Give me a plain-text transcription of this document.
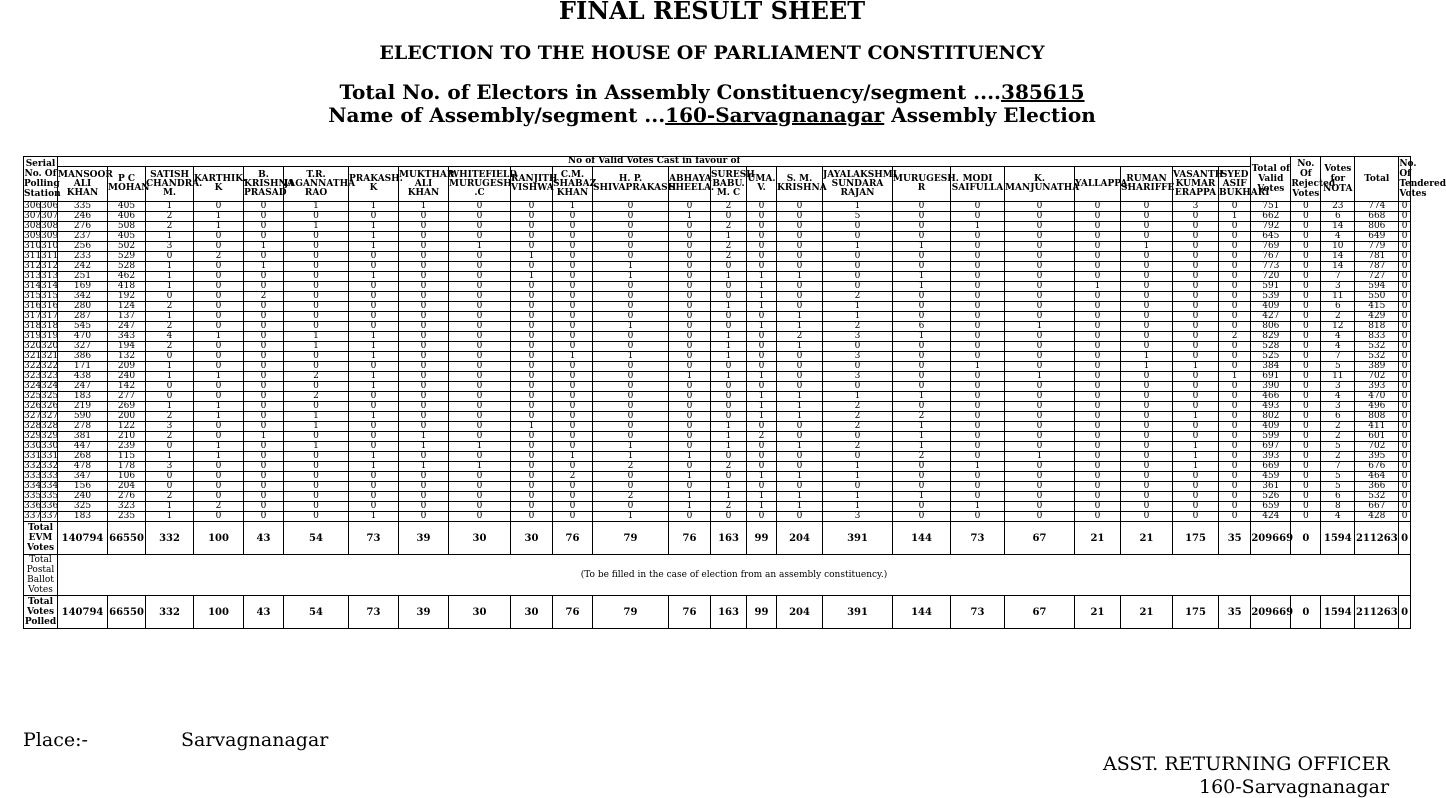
FINAL RESULT SHEET
ELECTION TO THE HOUSE OF PARLIAMENT CONSTITUENCY
Total No. of Electors in Assembly Constituency/segment ....385615
Name of Assembly/segment ...160-Sarvagnanagar Assembly Election
Serial No. Of Polling Station		No of Valid Votes Cast in favour of																								Total of Valid Votes	No. Of Rejected Votes	Votes for NOTA	Total	No. Of Tendered Votes
		MANSOOR ALI KHAN	P C MOHAN	SATISH CHANDRA. M.	KARTHIK. K	B. KRISHNA PRASAD	T.R. JAGANNATHA RAO	PRAKASH. K	MUKTHAR ALI KHAN	WHITEFIELD MURUGESH .C	RANJITH VISHWA	C.M. SHABAZ KHAN	H. P. SHIVAPRAKASH	ABHAYA SHEELA.	SURESH BABU. M. C	UMA. V.	S. M. KRISHNA	JAYALAKSHMI SUNDARA RAJAN	MURUGESH. R	MODI SAIFULLA	K. MANJUNATHA	YALLAPPA.	RUMAN SHARIFFE	VASANTH KUMAR ERAPPA	SYED ASIF BUKHARI					
306	306	335	405	1	0	0	1	1	1	0	0	1	0	0	2	0	0	1	0	0	0	0	0	3	0	751	0	23	774	0
307	307	246	406	2	1	0	0	0	0	0	0	0	0	1	0	0	0	5	0	0	0	0	0	0	1	662	0	6	668	0
308	308	276	508	2	1	0	1	1	0	0	0	0	0	0	2	0	0	0	0	1	0	0	0	0	0	792	0	14	806	0
309	309	237	405	1	0	0	0	1	0	0	0	0	0	0	1	0	0	0	0	0	0	0	0	0	0	645	0	4	649	0
310	310	256	502	3	0	1	0	1	0	1	0	0	0	0	2	0	0	1	1	0	0	0	1	0	0	769	0	10	779	0
311	311	233	529	0	2	0	0	0	0	0	1	0	0	0	2	0	0	0	0	0	0	0	0	0	0	767	0	14	781	0
312	312	242	528	1	0	1	0	0	0	0	0	0	1	0	0	0	0	0	0	0	0	0	0	0	0	773	0	14	787	0
313	313	251	462	1	0	0	0	1	0	0	1	0	1	0	1	1	1	0	1	0	0	0	0	0	0	720	0	7	727	0
314	314	169	418	1	0	0	0	0	0	0	0	0	0	0	0	1	0	0	1	0	0	1	0	0	0	591	0	3	594	0
315	315	342	192	0	0	2	0	0	0	0	0	0	0	0	0	1	0	2	0	0	0	0	0	0	0	539	0	11	550	0
316	316	280	124	2	0	0	0	0	0	0	0	0	0	0	1	1	0	1	0	0	0	0	0	0	0	409	0	6	415	0
317	317	287	137	1	0	0	0	0	0	0	0	0	0	0	0	0	1	1	0	0	0	0	0	0	0	427	0	2	429	0
318	318	545	247	2	0	0	0	0	0	0	0	0	1	0	0	1	1	2	6	0	1	0	0	0	0	806	0	12	818	0
319	319	470	343	4	1	0	1	1	0	0	0	0	0	0	1	0	2	3	1	0	0	0	0	0	2	829	0	4	833	0
320	320	327	194	2	0	0	1	1	0	0	0	0	0	0	1	0	1	0	0	0	0	0	0	0	0	528	0	4	532	0
321	321	386	132	0	0	0	0	1	0	0	0	1	1	0	1	0	0	3	0	0	0	0	1	0	0	525	0	7	532	0
322	322	171	209	1	0	0	0	0	0	0	0	0	0	0	0	0	0	0	0	1	0	0	1	1	0	384	0	5	389	0
323	323	438	240	1	1	0	2	1	0	0	0	0	0	1	1	1	0	3	0	0	1	0	0	0	1	691	0	11	702	0
324	324	247	142	0	0	0	0	1	0	0	0	0	0	0	0	0	0	0	0	0	0	0	0	0	0	390	0	3	393	0
325	325	183	277	0	0	0	2	0	0	0	0	0	0	0	0	1	1	1	1	0	0	0	0	0	0	466	0	4	470	0
326	326	219	269	1	1	0	0	0	0	0	0	0	0	0	0	1	1	2	0	0	0	0	0	0	0	493	0	3	496	0
327	327	590	200	2	1	0	1	1	0	0	0	0	0	0	0	1	1	2	2	0	0	0	0	1	0	802	0	6	808	0
328	328	278	122	3	0	0	1	0	0	0	1	0	0	0	1	0	0	2	1	0	0	0	0	0	0	409	0	2	411	0
329	329	381	210	2	0	1	0	0	1	0	0	0	0	0	1	2	0	0	1	0	0	0	0	0	0	599	0	2	601	0
330	330	447	239	0	1	0	1	0	1	1	0	0	1	0	1	0	1	2	1	0	0	0	0	1	0	697	0	5	702	0
331	331	268	115	1	1	0	0	1	0	0	0	1	1	1	0	0	0	0	2	0	1	0	0	1	0	393	0	2	395	0
332	332	478	178	3	0	0	0	1	1	1	0	0	2	0	2	0	0	1	0	1	0	0	0	1	0	669	0	7	676	0
333	333	347	106	0	0	0	0	0	0	0	0	2	0	1	0	1	1	1	0	0	0	0	0	0	0	459	0	5	464	0
334	334	156	204	0	0	0	0	0	0	0	0	0	0	0	1	0	0	0	0	0	0	0	0	0	0	361	0	5	366	0
335	335	240	276	2	0	0	0	0	0	0	0	0	2	1	1	1	1	1	1	0	0	0	0	0	0	526	0	6	532	0
336	336	325	323	1	2	0	0	0	0	0	0	0	0	1	2	1	1	1	0	1	0	0	0	0	0	659	0	8	667	0
337	337	183	235	1	0	0	0	1	0	0	0	0	1	0	0	0	0	3	0	0	0	0	0	0	0	424	0	4	428	0
Total EVM Votes		140794	66550	332	100	43	54	73	39	30	30	76	79	76	163	99	204	391	144	73	67	21	21	175	35	209669	0	1594	211263	0
Total Postal Ballot Votes		(To be filled in the case of election from an assembly constituency.)																												
Total Votes Polled		140794	66550	332	100	43	54	73	39	30	30	76	79	76	163	99	204	391	144	73	67	21	21	175	35	209669	0	1594	211263	0
Place:-	Sarvagnanagar
ASST. RETURNING OFFICER
160-Sarvagnanagar
